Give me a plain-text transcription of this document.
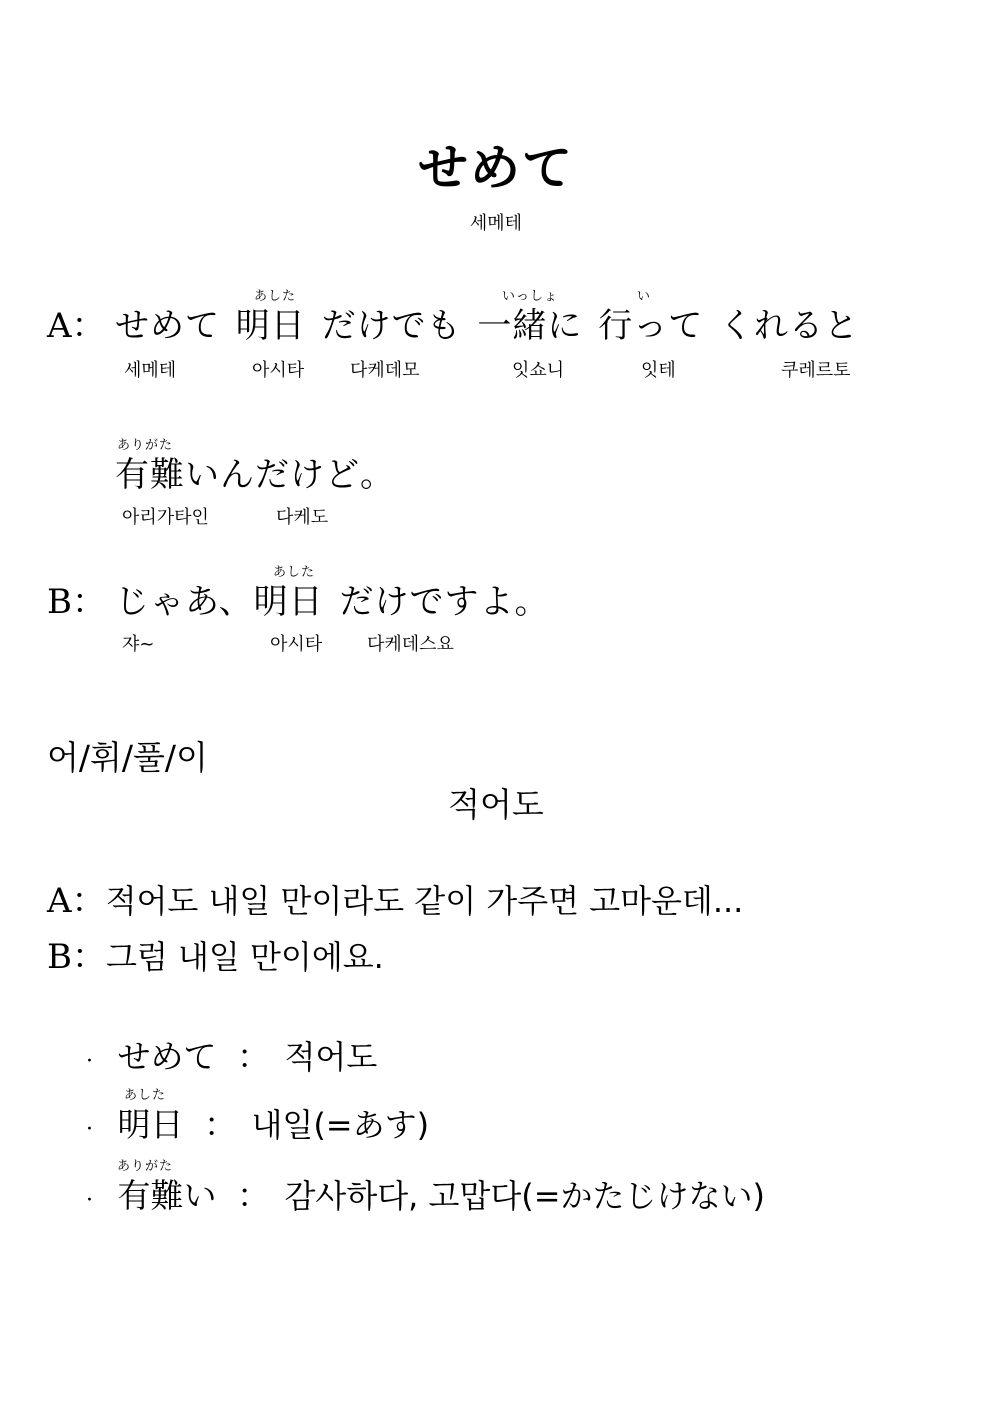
せめて
세메테
A：
あした	いっしょ	い
せめて 明日 だけでも 一緒に 行って くれると
세메테	아시타	다케데모	잇쇼니	잇테	쿠레르토
ありがた
有難いんだけど。
아리가타인	다케도
B：
あした
じゃあ、明日 だけですよ。
쟈~	아시타 다케데스요
어/휘/풀/이
적어도
A：적어도 내일 만이라도 같이 가주면 고마운데...
B：그럼 내일 만이에요.
· せめて ： 적어도
あした
· 明日 ： 내일(=あす)
ありがた
· 有難い ： 감사하다, 고맙다(=かたじけない)
